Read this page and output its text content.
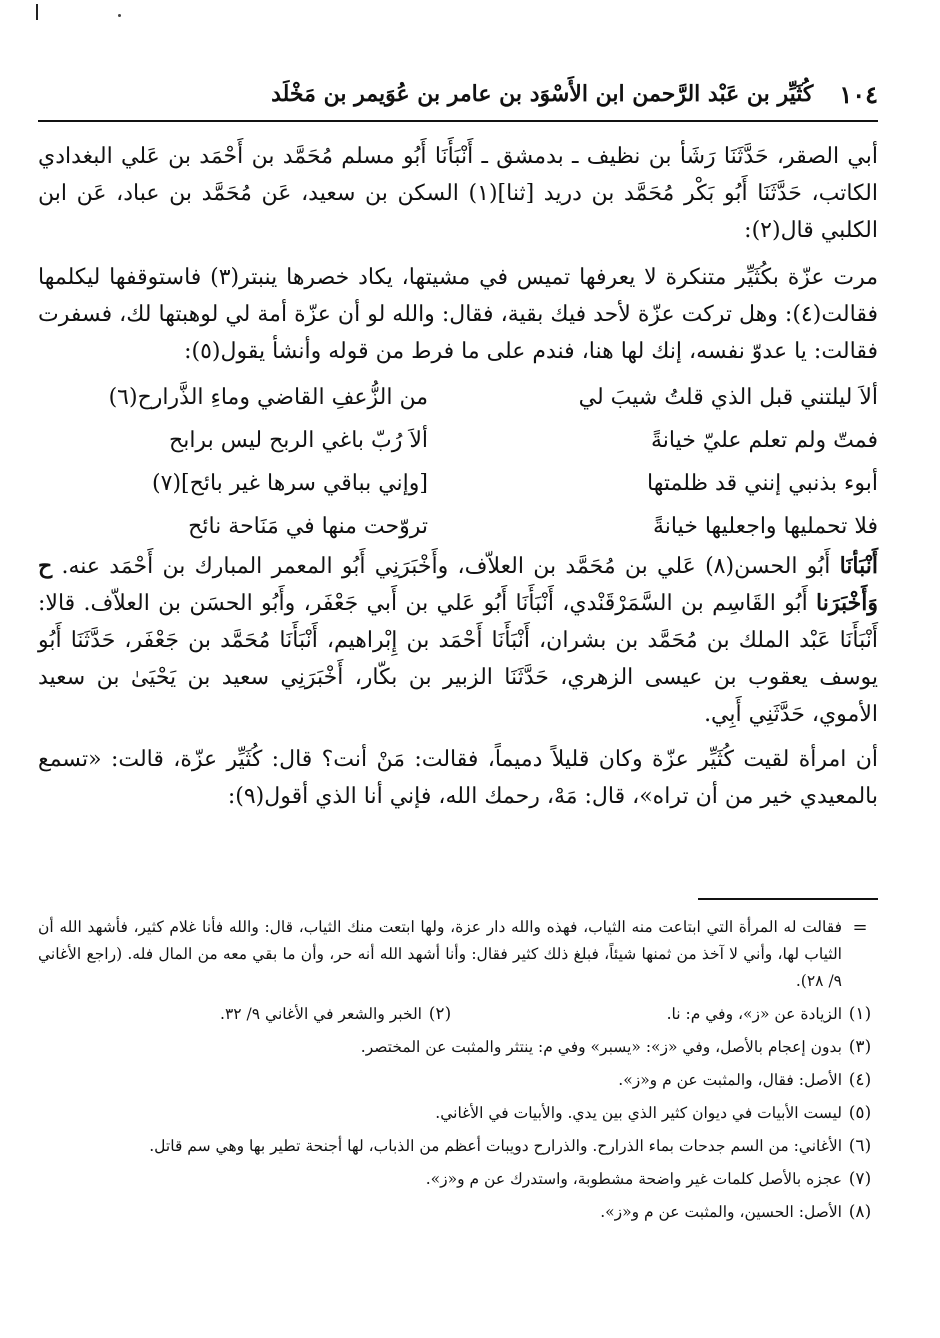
١٠٤
كُثَيِّر بن عَبْد الرَّحمن ابن الأَسْوَد بن عامر بن عُوَيمر بن مَخْلَد

أبي الصقر، حَدَّثَنَا رَشَأ بن نظيف ـ بدمشق ـ أَنْبَأَنَا أَبُو مسلم مُحَمَّد بن أَحْمَد بن عَلي البغدادي الكاتب، حَدَّثَنَا أَبُو بَكْر مُحَمَّد بن دريد [ثنا](١) السكن بن سعيد، عَن مُحَمَّد بن عباد، عَن ابن الكلبي قال(٢):

مرت عزّة بكُثَيِّر متنكرة لا يعرفها تميس في مشيتها، يكاد خصرها ينبتر(٣) فاستوقفها ليكلمها فقالت(٤): وهل تركت عزّة لأحد فيك بقية، فقال: والله لو أن عزّة أمة لي لوهبتها لك، فسفرت فقالت: يا عدوّ نفسه، إنك لها هنا، فندم على ما فرط من قوله وأنشأ يقول(٥):

ألاَ ليلتني قبل الذي قلتُ شيبَ لي
من الزُّعفِ القاضي وماءِ الذَّرارح(٦)
فمتّ ولم تعلم عليّ خيانةً
ألاَ رُبّ باغي الربح ليس برابح
أبوء بذنبي إنني قد ظلمتها
[وإني بباقي سرها غير بائح](٧)
فلا تحمليها واجعليها خيانةً
تروّحت منها في مَنَاحة نائح

أَنْبَأنَا أَبُو الحسن(٨) عَلي بن مُحَمَّد بن العلاّف، وأَخْبَرَنِي أَبُو المعمر المبارك بن أَحْمَد عنه. ح وَأَخْبَرَنا أَبُو القَاسِم بن السَّمَرْقَنْدي، أَنْبَأَنَا أَبُو عَلي بن أَبي جَعْفَر، وأَبُو الحسَن بن العلاّف. قالا: أَنْبَأَنَا عَبْد الملك بن مُحَمَّد بن بشران، أَنْبَأَنَا أَحْمَد بن إِبْراهيم، أَنْبَأَنَا مُحَمَّد بن جَعْفَر، حَدَّثَنَا أَبُو يوسف يعقوب بن عيسى الزهري، حَدَّثَنَا الزبير بن بكّار، أَخْبَرَنِي سعيد بن يَحْيَىٰ بن سعيد الأموي، حَدَّثَنِي أَبِي.

أن امرأة لقيت كُثَيِّر عزّة وكان قليلاً دميماً، فقالت: مَنْ أنت؟ قال: كُثَيِّر عزّة، قالت: «تسمع بالمعيدي خير من أن تراه»، قال: مَهْ، رحمك الله، فإني أنا الذي أقول(٩):

=
فقالت له المرأة التي ابتاعت منه الثياب، فهذه والله دار عزة، ولها ابتعت منك الثياب، قال: والله فأنا غلام كثير، فأشهد الله أن الثياب لها، وأني لا آخذ من ثمنها شيئاً، فبلغ ذلك كثير فقال: وأنا أشهد الله أنه حر، وأن ما بقي معه من المال فله. (راجع الأغاني ٩/ ٢٨).
(١)
الزيادة عن «ز»، وفي م: نا.
(٢)
الخبر والشعر في الأغاني ٩/ ٣٢.
(٣)
بدون إعجام بالأصل، وفي «ز»: «يسبر» وفي م: ينتثر والمثبت عن المختصر.
(٤)
الأصل: فقال، والمثبت عن م و«ز».
(٥)
ليست الأبيات في ديوان كثير الذي بين يدي. والأبيات في الأغاني.
(٦)
الأغاني: من السم جدحات بماء الذرارح. والذرارح دويبات أعظم من الذباب، لها أجنحة تطير بها وهي سم قاتل.
(٧)
عجزه بالأصل كلمات غير واضحة مشطوبة، واستدرك عن م و«ز».
(٨)
الأصل: الحسين، والمثبت عن م و«ز».
